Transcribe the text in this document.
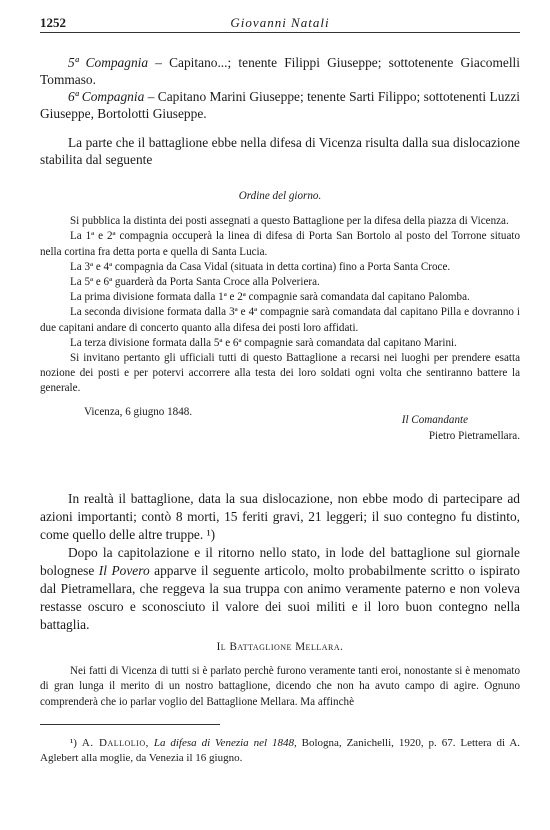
1252	Giovanni Natali

5ª Compagnia – Capitano...; tenente Filippi Giuseppe; sottotenente Giacomelli Tommaso.

6ª Compagnia – Capitano Marini Giuseppe; tenente Sarti Filippo; sottotenenti Luzzi Giuseppe, Bortolotti Giuseppe.

La parte che il battaglione ebbe nella difesa di Vicenza risulta dalla sua dislocazione stabilita dal seguente

Ordine del giorno.

Si pubblica la distinta dei posti assegnati a questo Battaglione per la difesa della piazza di Vicenza.

La 1ª e 2ª compagnia occuperà la linea di difesa di Porta San Bortolo al posto del Torrone situato nella cortina fra detta porta e quella di Santa Lucia.

La 3ª e 4ª compagnia da Casa Vidal (situata in detta cortina) fino a Porta Santa Croce.

La 5ª e 6ª guarderà da Porta Santa Croce alla Polveriera.

La prima divisione formata dalla 1ª e 2ª compagnie sarà comandata dal capitano Palomba.

La seconda divisione formata dalla 3ª e 4ª compagnie sarà comandata dal capitano Pilla e dovranno i due capitani andare di concerto quanto alla difesa dei posti loro affidati.

La terza divisione formata dalla 5ª e 6ª compagnie sarà comandata dal capitano Marini.

Si invitano pertanto gli ufficiali tutti di questo Battaglione a recarsi nei luoghi per prendere esatta nozione dei posti e per potervi accorrere alla testa dei loro soldati ogni volta che sentiranno battere la generale.

Vicenza, 6 giugno 1848.
Il Comandante
Pietro Pietramellara.

In realtà il battaglione, data la sua dislocazione, non ebbe modo di partecipare ad azioni importanti; contò 8 morti, 15 feriti gravi, 21 leggeri; il suo contegno fu distinto, come quello delle altre truppe. ¹)

Dopo la capitolazione e il ritorno nello stato, in lode del battaglione sul giornale bolognese Il Povero apparve il seguente articolo, molto probabilmente scritto o ispirato dal Pietramellara, che reggeva la sua truppa con animo veramente paterno e non voleva restasse oscuro e sconosciuto il valore dei suoi militi e il loro buon contegno nella battaglia.

Il Battaglione Mellara.

Nei fatti di Vicenza di tutti si è parlato perchè furono veramente tanti eroi, nonostante si è menomato di gran lunga il merito di un nostro battaglione, dicendo che non ha avuto campo di agire. Ognuno comprenderà che io parlar voglio del Battaglione Mellara. Ma affinchè

¹) A. Dallolio, La difesa di Venezia nel 1848, Bologna, Zanichelli, 1920, p. 67. Lettera di A. Aglebert alla moglie, da Venezia il 16 giugno.
